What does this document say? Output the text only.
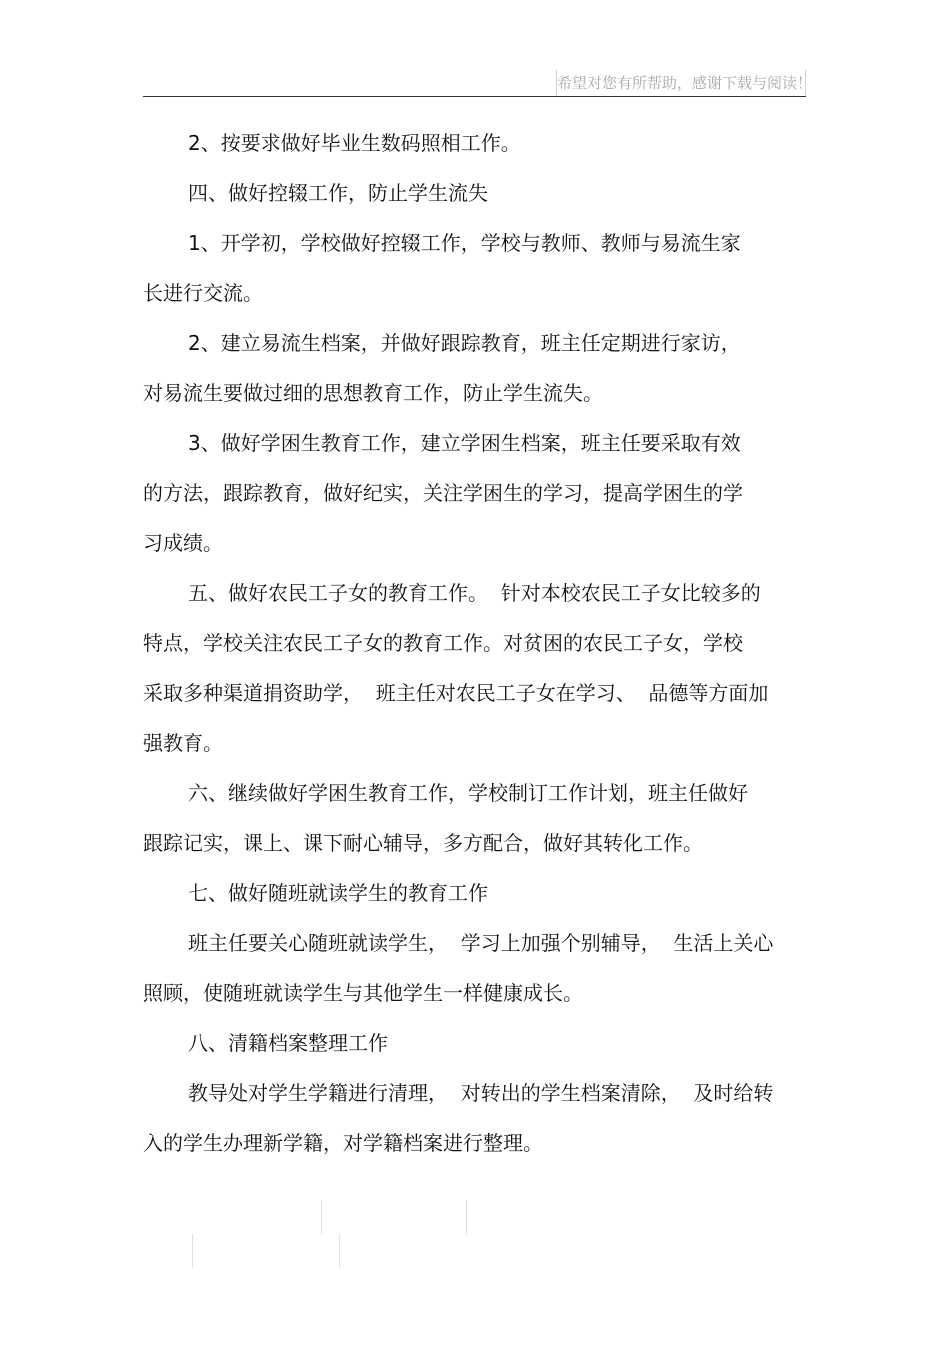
希望对您有所帮助，感谢下载与阅读！
2、按要求做好毕业生数码照相工作。
四、做好控辍工作，防止学生流失
1、开学初，学校做好控辍工作，学校与教师、教师与易流生家
长进行交流。
2、建立易流生档案，并做好跟踪教育，班主任定期进行家访，
对易流生要做过细的思想教育工作，防止学生流失。
3、做好学困生教育工作，建立学困生档案，班主任要采取有效
的方法，跟踪教育，做好纪实，关注学困生的学习，提高学困生的学
习成绩。
五、做好农民工子女的教育工作。  针对本校农民工子女比较多的
特点，学校关注农民工子女的教育工作。对贫困的农民工子女，学校
采取多种渠道捐资助学，  班主任对农民工子女在学习、  品德等方面加
强教育。
六、继续做好学困生教育工作，学校制订工作计划，班主任做好
跟踪记实，课上、课下耐心辅导，多方配合，做好其转化工作。
七、做好随班就读学生的教育工作
班主任要关心随班就读学生，  学习上加强个别辅导，  生活上关心
照顾，使随班就读学生与其他学生一样健康成长。
八、清籍档案整理工作
教导处对学生学籍进行清理，  对转出的学生档案清除，  及时给转
入的学生办理新学籍，对学籍档案进行整理。
